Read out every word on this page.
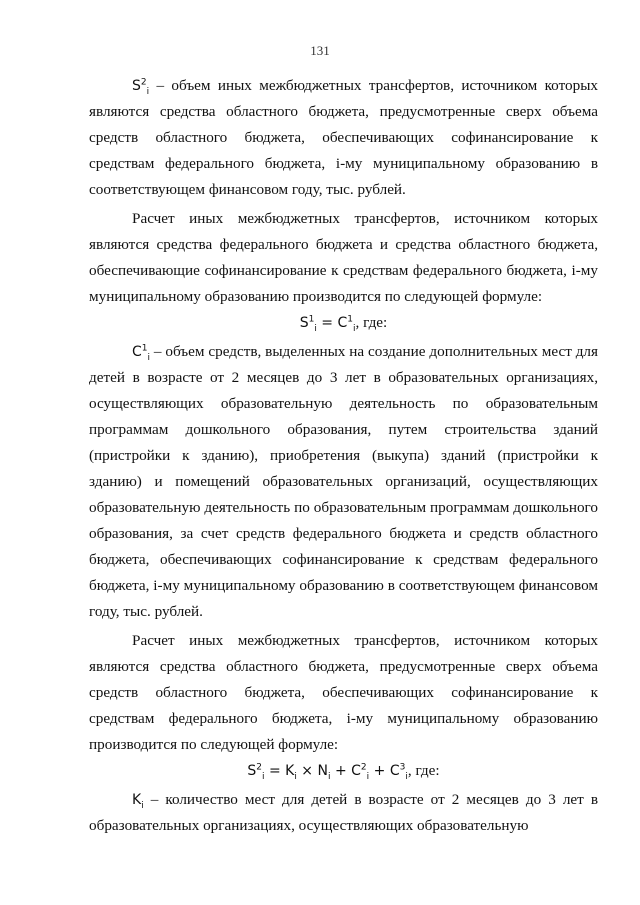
131

$S^2_i$ – объем иных межбюджетных трансфертов, источником которых являются средства областного бюджета, предусмотренные сверх объема средств областного бюджета, обеспечивающих софинансирование к средствам федерального бюджета, i-му муниципальному образованию в соответствующем финансовом году, тыс. рублей.

Расчет иных межбюджетных трансфертов, источником которых являются средства федерального бюджета и средства областного бюджета, обеспечивающие софинансирование к средствам федерального бюджета, i-му муниципальному образованию производится по следующей формуле:

$S^1_i = C^1_i$, где:

$C^1_i$ – объем средств, выделенных на создание дополнительных мест для детей в возрасте от 2 месяцев до 3 лет в образовательных организациях, осуществляющих образовательную деятельность по образовательным программам дошкольного образования, путем строительства зданий (пристройки к зданию), приобретения (выкупа) зданий (пристройки к зданию) и помещений образовательных организаций, осуществляющих образовательную деятельность по образовательным программам дошкольного образования, за счет средств федерального бюджета и средств областного бюджета, обеспечивающих софинансирование к средствам федерального бюджета, i-му муниципальному образованию в соответствующем финансовом году, тыс. рублей.

Расчет иных межбюджетных трансфертов, источником которых являются средства областного бюджета, предусмотренные сверх объема средств областного бюджета, обеспечивающих софинансирование к средствам федерального бюджета, i-му муниципальному образованию производится по следующей формуле:

$S^2_i = K_i \times N_i + C^2_i + C^3_i$, где:

$K_i$ – количество мест для детей в возрасте от 2 месяцев до 3 лет в образовательных организациях, осуществляющих образовательную
